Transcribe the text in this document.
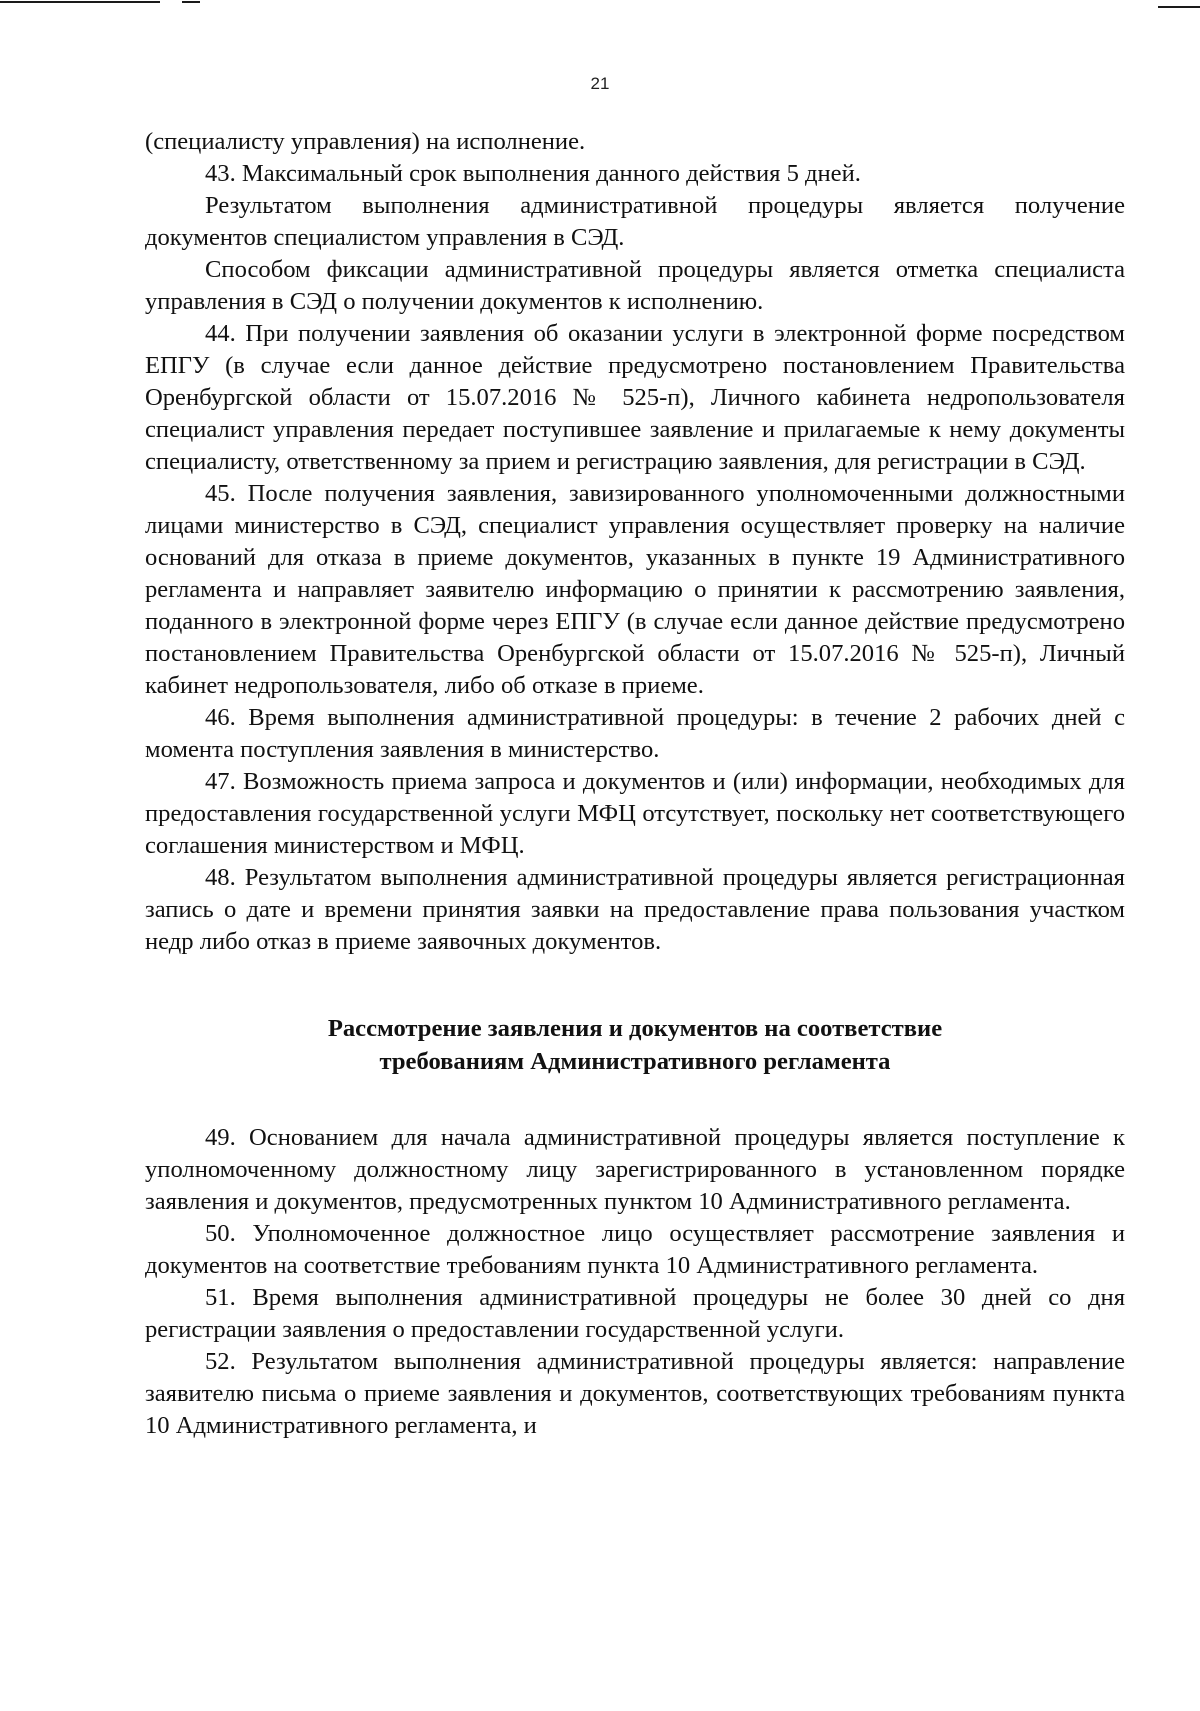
21

(специалисту управления) на исполнение.

43. Максимальный срок выполнения данного действия 5 дней.

Результатом выполнения административной процедуры является получение документов специалистом управления в СЭД.

Способом фиксации административной процедуры является отметка специалиста управления в СЭД о получении документов к исполнению.

44. При получении заявления об оказании услуги в электронной форме посредством ЕПГУ (в случае если данное действие предусмотрено постановлением Правительства Оренбургской области от 15.07.2016 № 525-п), Личного кабинета недропользователя специалист управления передает поступившее заявление и прилагаемые к нему документы специалисту, ответственному за прием и регистрацию заявления, для регистрации в СЭД.

45. После получения заявления, завизированного уполномоченными должностными лицами министерство в СЭД, специалист управления осуществляет проверку на наличие оснований для отказа в приеме документов, указанных в пункте 19 Административного регламента и направляет заявителю информацию о принятии к рассмотрению заявления, поданного в электронной форме через ЕПГУ (в случае если данное действие предусмотрено постановлением Правительства Оренбургской области от 15.07.2016 № 525-п), Личный кабинет недропользователя, либо об отказе в приеме.

46. Время выполнения административной процедуры: в течение 2 рабочих дней с момента поступления заявления в министерство.

47. Возможность приема запроса и документов и (или) информации, необходимых для предоставления государственной услуги МФЦ отсутствует, поскольку нет соответствующего соглашения министерством и МФЦ.

48. Результатом выполнения административной процедуры является регистрационная запись о дате и времени принятия заявки на предоставление права пользования участком недр либо отказ в приеме заявочных документов.

Рассмотрение заявления и документов на соответствие
требованиям Административного регламента

49. Основанием для начала административной процедуры является поступление к уполномоченному должностному лицу зарегистрированного в установленном порядке заявления и документов, предусмотренных пунктом 10 Административного регламента.

50. Уполномоченное должностное лицо осуществляет рассмотрение заявления и документов на соответствие требованиям пункта 10 Административного регламента.

51. Время выполнения административной процедуры не более 30 дней со дня регистрации заявления о предоставлении государственной услуги.

52. Результатом выполнения административной процедуры является: направление заявителю письма о приеме заявления и документов, соответствующих требованиям пункта 10 Административного регламента, и
